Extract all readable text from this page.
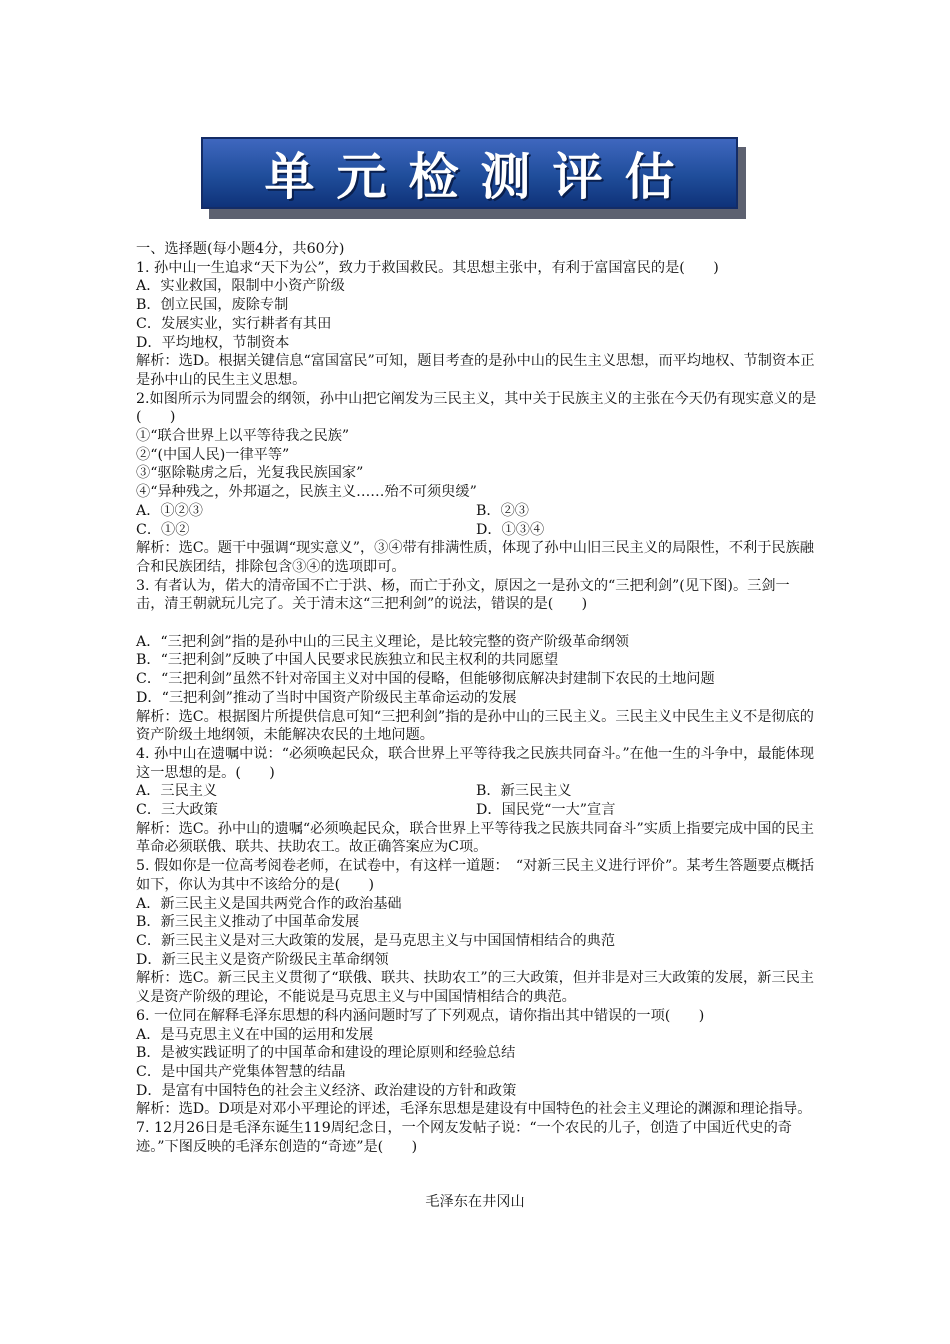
单元检测评估
一、选择题(每小题4分，共60分)
1. 孙中山一生追求“天下为公”，致力于救国救民。其思想主张中，有利于富国富民的是(　　)
A．实业救国，限制中小资产阶级
B．创立民国，废除专制
C．发展实业，实行耕者有其田
D．平均地权，节制资本
解析：选D。根据关键信息“富国富民”可知，题目考查的是孙中山的民生主义思想，而平均地权、节制资本正是孙中山的民生主义思想。
2.如图所示为同盟会的纲领，孙中山把它阐发为三民主义，其中关于民族主义的主张在今天仍有现实意义的是(　　)
①“联合世界上以平等待我之民族”
②“(中国人民)一律平等”
③“驱除鞑虏之后，光复我民族国家”
④“异种残之，外邦逼之，民族主义……殆不可须臾缓”
A．①②③	B．②③
C．①②	D．①③④
解析：选C。题干中强调“现实意义”，③④带有排满性质，体现了孙中山旧三民主义的局限性，不利于民族融合和民族团结，排除包含③④的选项即可。
3. 有者认为，偌大的清帝国不亡于洪、杨，而亡于孙文，原因之一是孙文的“三把利剑”(见下图)。三剑一击，清王朝就玩儿完了。关于清末这“三把利剑”的说法，错误的是(　　)
A．“三把利剑”指的是孙中山的三民主义理论，是比较完整的资产阶级革命纲领
B．“三把利剑”反映了中国人民要求民族独立和民主权利的共同愿望
C．“三把利剑”虽然不针对帝国主义对中国的侵略，但能够彻底解决封建制下农民的土地问题
D．“三把利剑”推动了当时中国资产阶级民主革命运动的发展
解析：选C。根据图片所提供信息可知“三把利剑”指的是孙中山的三民主义。三民主义中民生主义不是彻底的资产阶级土地纲领，未能解决农民的土地问题。
4. 孙中山在遗嘱中说：“必须唤起民众，联合世界上平等待我之民族共同奋斗。”在他一生的斗争中，最能体现这一思想的是。(　　)
A．三民主义	B．新三民主义
C．三大政策	D．国民党“一大”宣言
解析：选C。孙中山的遗嘱“必须唤起民众，联合世界上平等待我之民族共同奋斗”实质上指要完成中国的民主革命必须联俄、联共、扶助农工。故正确答案应为C项。
5. 假如你是一位高考阅卷老师，在试卷中，有这样一道题：　“对新三民主义进行评价”。某考生答题要点概括如下，你认为其中不该给分的是(　　)
A．新三民主义是国共两党合作的政治基础
B．新三民主义推动了中国革命发展
C．新三民主义是对三大政策的发展，是马克思主义与中国国情相结合的典范
D．新三民主义是资产阶级民主革命纲领
解析：选C。新三民主义贯彻了“联俄、联共、扶助农工”的三大政策，但并非是对三大政策的发展，新三民主义是资产阶级的理论，不能说是马克思主义与中国国情相结合的典范。
6. 一位同在解释毛泽东思想的科内涵问题时写了下列观点，请你指出其中错误的一项(　　)
A．是马克思主义在中国的运用和发展
B．是被实践证明了的中国革命和建设的理论原则和经验总结
C．是中国共产党集体智慧的结晶
D．是富有中国特色的社会主义经济、政治建设的方针和政策
解析：选D。D项是对邓小平理论的评述，毛泽东思想是建设有中国特色的社会主义理论的渊源和理论指导。
7. 12月26日是毛泽东诞生119周纪念日，一个网友发帖子说：“一个农民的儿子，创造了中国近代史的奇迹。”下图反映的毛泽东创造的“奇迹”是(　　)
毛泽东在井冈山
